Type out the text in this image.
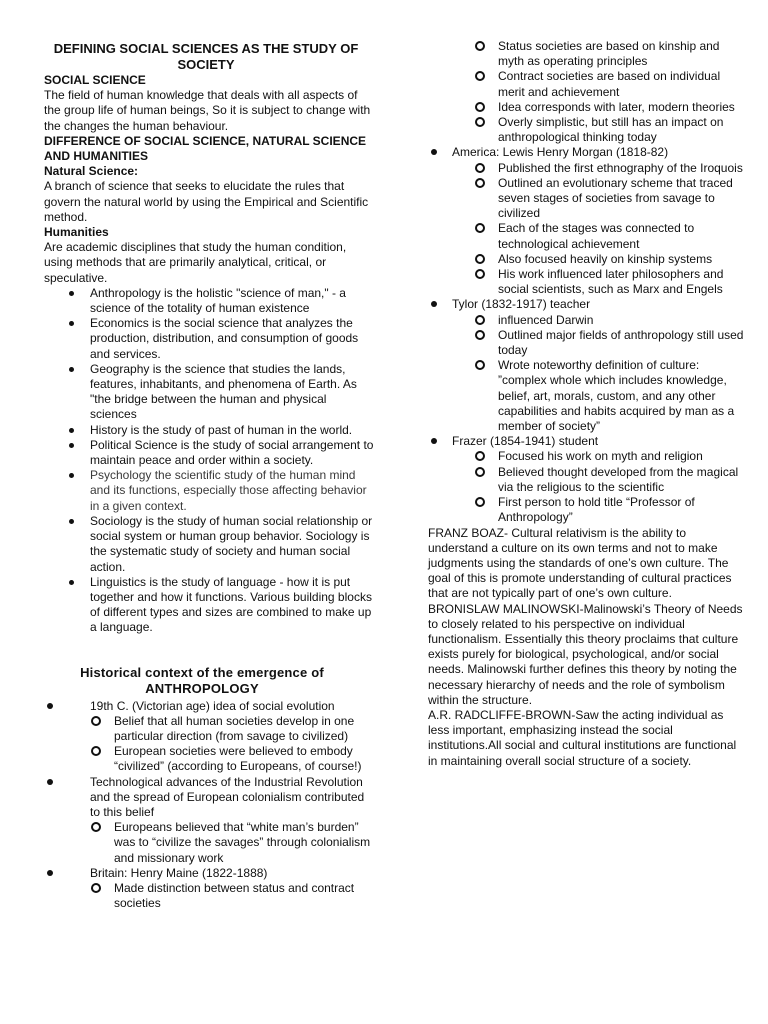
DEFINING SOCIAL SCIENCES AS THE STUDY OF SOCIETY

SOCIAL SCIENCE

The field of human knowledge that deals with all aspects of the group life of human beings, So it is subject to change with the changes the human behaviour.

DIFFERENCE OF SOCIAL SCIENCE, NATURAL SCIENCE AND HUMANITIES

Natural Science:

A branch of science that seeks to elucidate the rules that govern the natural world by using the Empirical and Scientific method.

Humanities

Are academic disciplines that study the human condition, using methods that are primarily analytical, critical, or speculative.

Anthropology is the holistic "science of man," - a science of the totality of human existence
Economics is the social science that analyzes the production, distribution, and consumption of goods and services.
Geography is the science that studies the lands, features, inhabitants, and phenomena of Earth. As "the bridge between the human and physical sciences
History is the study of past of human in the world.
Political Science is the study of social arrangement to maintain peace and order within a society.
Psychology the scientific study of the human mind and its functions, especially those affecting behavior in a given context.
Sociology is the study of human social relationship or social system or human group behavior. Sociology is the systematic study of society and human social action.
Linguistics is the study of language - how it is put together and how it functions. Various building blocks of different types and sizes are combined to make up a language.
Historical context of the emergence of ANTHROPOLOGY
19th C. (Victorian age) idea of social evolution
Belief that all human societies develop in one particular direction (from savage to civilized)
European societies were believed to embody “civilized” (according to Europeans, of course!)
Technological advances of the Industrial Revolution and the spread of European colonialism contributed to this belief
Europeans believed that “white man’s burden” was to “civilize the savages” through colonialism and missionary work
Britain: Henry Maine (1822-1888)
Made distinction between status and contract societies
Status societies are based on kinship and myth as operating principles
Contract societies are based on individual merit and achievement
Idea corresponds with later, modern theories
Overly simplistic, but still has an impact on anthropological thinking today
America: Lewis Henry Morgan (1818-82)
Published the first ethnography of the Iroquois
Outlined an evolutionary scheme that traced seven stages of societies from savage to civilized
Each of the stages was connected to technological achievement
Also focused heavily on kinship systems
His work influenced later philosophers and social scientists, such as Marx and Engels
Tylor (1832-1917) teacher
influenced Darwin
Outlined major fields of anthropology still used today
Wrote noteworthy definition of culture: ”complex whole which includes knowledge, belief, art, morals, custom, and any other capabilities and habits acquired by man as a member of society”
Frazer (1854-1941) student
Focused his work on myth and religion
Believed thought developed from the magical via the religious to the scientific
First person to hold title “Professor of Anthropology”

FRANZ BOAZ- Cultural relativism is the ability to understand a culture on its own terms and not to make judgments using the standards of one’s own culture. The goal of this is promote understanding of cultural practices that are not typically part of one’s own culture.

BRONISLAW MALINOWSKI-Malinowski’s Theory of Needs to closely related to his perspective on individual functionalism. Essentially this theory proclaims that culture exists purely for biological, psychological, and/or social needs. Malinowski further defines this theory by noting the necessary hierarchy of needs and the role of symbolism within the structure.

A.R. RADCLIFFE-BROWN-Saw the acting individual as less important, emphasizing instead the social institutions.All social and cultural institutions are functional in maintaining overall social structure of a society.
